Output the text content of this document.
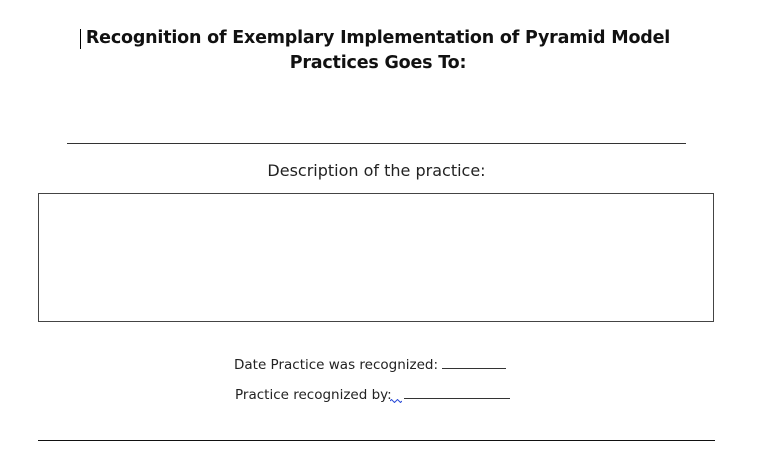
Recognition of Exemplary Implementation of Pyramid Model
Practices Goes To:
Description of the practice:
Date Practice was recognized:
Practice recognized by:
